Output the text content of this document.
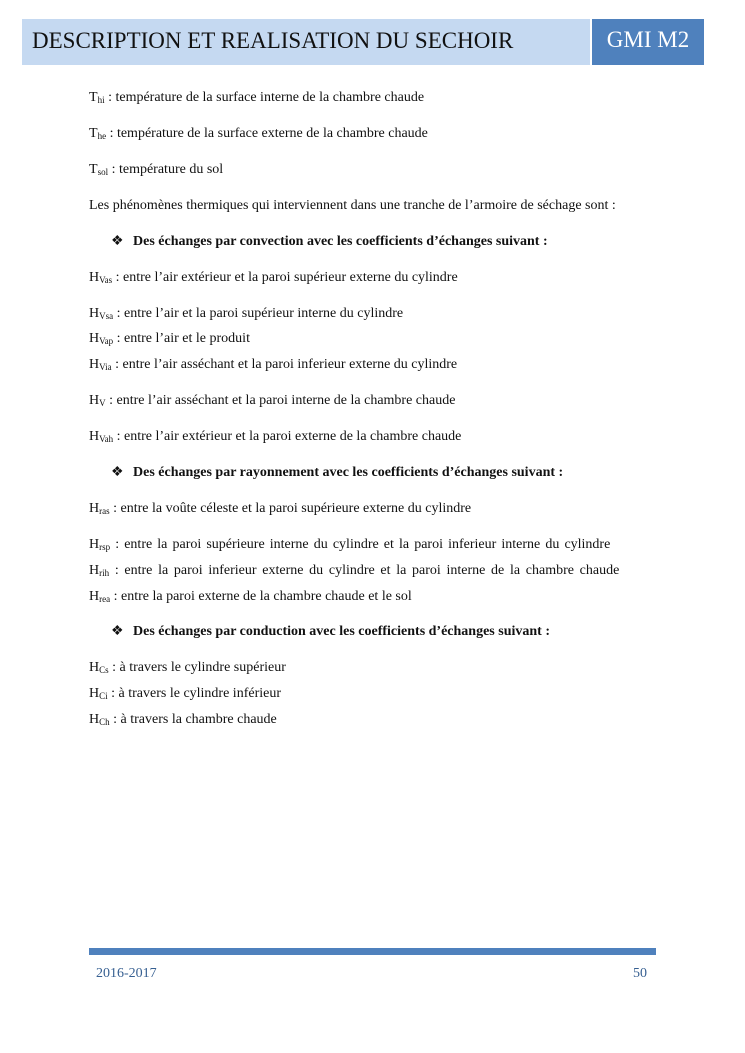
DESCRIPTION ET REALISATION DU SECHOIR	GMI M2
$T_{hi}$ : température de la surface interne de la chambre chaude
$T_{he}$ : température de la surface externe de la chambre chaude
$T_{sol}$ : température du sol
Les phénomènes thermiques qui interviennent dans une tranche de l’armoire de séchage sont :
❖ Des échanges par convection avec les coefficients d’échanges suivant :
$H_{Vas}$ : entre l’air extérieur et la paroi supérieur externe du cylindre
$H_{Vsa}$ : entre l’air et la paroi supérieur interne du cylindre
$H_{Vap}$ : entre l’air et le produit
$H_{Via}$ : entre l’air asséchant et la paroi inferieur externe du cylindre
$H_V$ : entre l’air asséchant et la paroi interne de la chambre chaude
$H_{Vah}$ : entre l’air extérieur et la paroi externe de la chambre chaude
❖ Des échanges par rayonnement avec les coefficients d’échanges suivant :
$H_{ras}$ : entre la voûte céleste et la paroi supérieure externe du cylindre
$H_{rsp}$ : entre la paroi supérieure interne du cylindre et la paroi inferieur interne du cylindre
$H_{rih}$ : entre la paroi inferieur externe du cylindre et la paroi interne de la chambre chaude
$H_{rea}$ : entre la paroi externe de la chambre chaude et le sol
❖ Des échanges par conduction avec les coefficients d’échanges suivant :
$H_{Cs}$ : à travers le cylindre supérieur
$H_{Ci}$ : à travers le cylindre inférieur
$H_{Ch}$ : à travers la chambre chaude
2016-2017	50
